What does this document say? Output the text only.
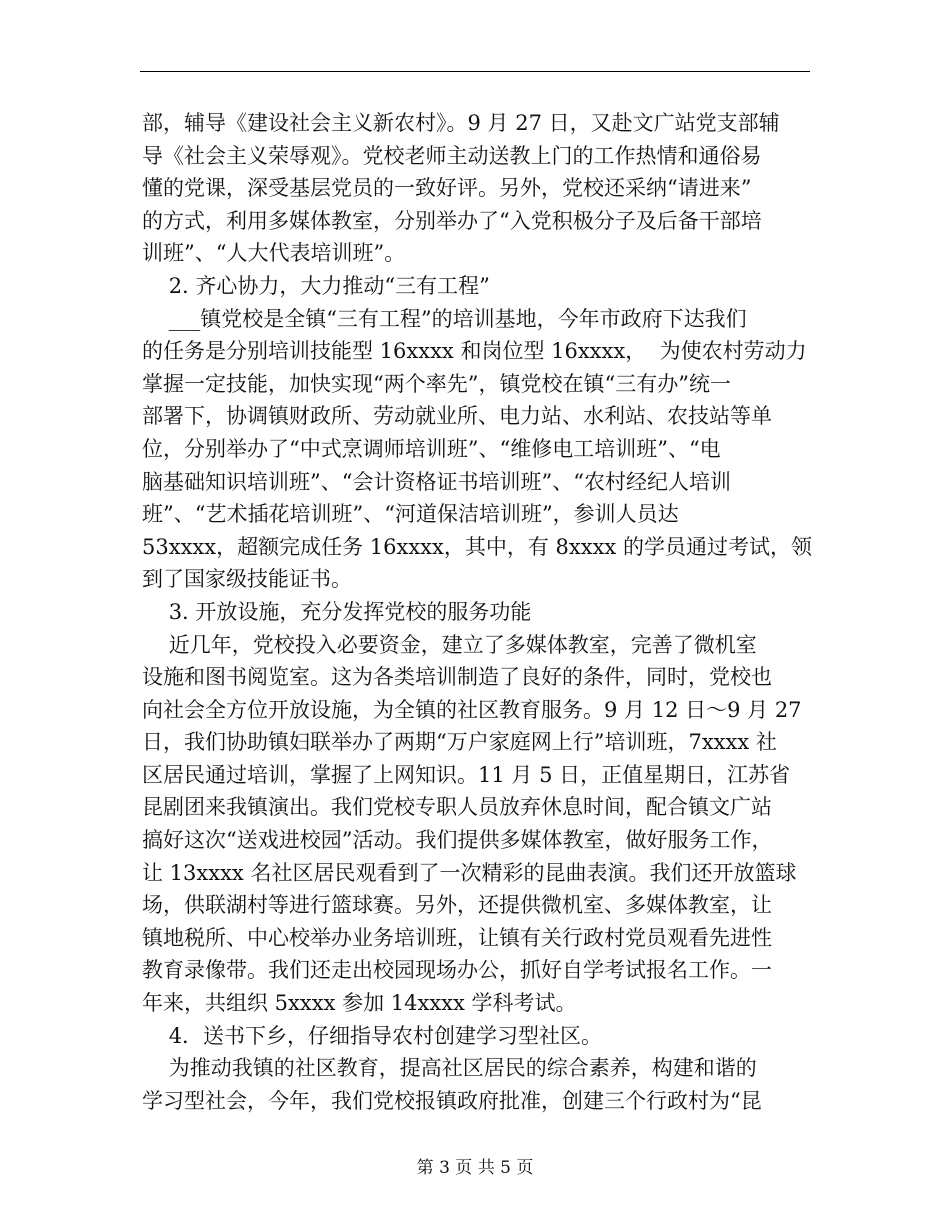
部，辅导《建设社会主义新农村》。9 月 27 日，又赴文广站党支部辅
导《社会主义荣辱观》。党校老师主动送教上门的工作热情和通俗易
懂的党课，深受基层党员的一致好评。另外，党校还采纳“请进来”
的方式，利用多媒体教室，分别举办了“入党积极分子及后备干部培
训班”、“人大代表培训班”。
2. 齐心协力，大力推动“三有工程”
___镇党校是全镇“三有工程”的培训基地，今年市政府下达我们
的任务是分别培训技能型 16xxxx 和岗位型 16xxxx，  为使农村劳动力
掌握一定技能，加快实现“两个率先”，镇党校在镇“三有办”统一
部署下，协调镇财政所、劳动就业所、电力站、水利站、农技站等单
位，分别举办了“中式烹调师培训班”、“维修电工培训班”、“电
脑基础知识培训班”、“会计资格证书培训班”、“农村经纪人培训
班”、“艺术插花培训班”、“河道保洁培训班”，参训人员达
53xxxx，超额完成任务 16xxxx，其中，有 8xxxx 的学员通过考试，领
到了国家级技能证书。
3. 开放设施，充分发挥党校的服务功能
近几年，党校投入必要资金，建立了多媒体教室，完善了微机室
设施和图书阅览室。这为各类培训制造了良好的条件，同时，党校也
向社会全方位开放设施，为全镇的社区教育服务。9 月 12 日～9 月 27
日，我们协助镇妇联举办了两期“万户家庭网上行”培训班，7xxxx 社
区居民通过培训，掌握了上网知识。11 月 5 日，正值星期日，江苏省
昆剧团来我镇演出。我们党校专职人员放弃休息时间，配合镇文广站
搞好这次“送戏进校园”活动。我们提供多媒体教室，做好服务工作，
让 13xxxx 名社区居民观看到了一次精彩的昆曲表演。我们还开放篮球
场，供联湖村等进行篮球赛。另外，还提供微机室、多媒体教室，让
镇地税所、中心校举办业务培训班，让镇有关行政村党员观看先进性
教育录像带。我们还走出校园现场办公，抓好自学考试报名工作。一
年来，共组织 5xxxx 参加 14xxxx 学科考试。
4．送书下乡，仔细指导农村创建学习型社区。
为推动我镇的社区教育，提高社区居民的综合素养，构建和谐的
学习型社会，今年，我们党校报镇政府批准，创建三个行政村为“昆
第 3 页 共 5 页
